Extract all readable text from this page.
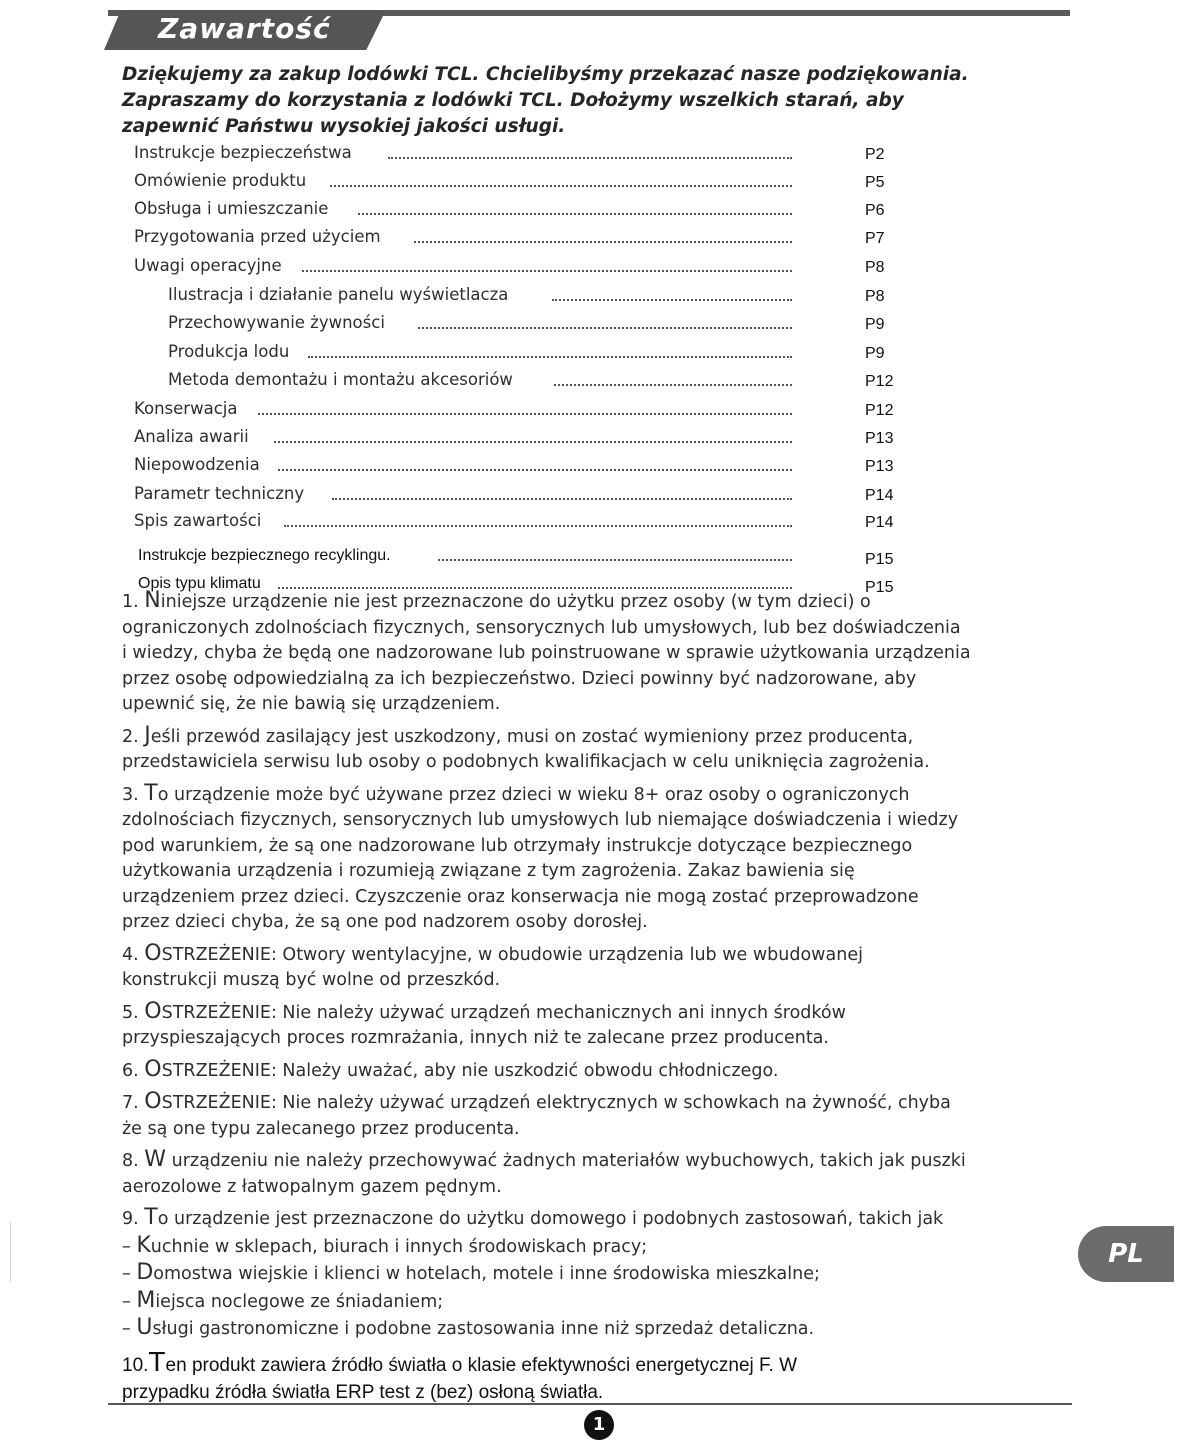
Zawartość
Dziękujemy za zakup lodówki TCL. Chcielibyśmy przekazać nasze podziękowania.
Zapraszamy do korzystania z lodówki TCL. Dołożymy wszelkich starań, aby
zapewnić Państwu wysokiej jakości usługi.
Instrukcje bezpieczeństwa	P2
Omówienie produktu	P5
Obsługa i umieszczanie	P6
Przygotowania przed użyciem	P7
Uwagi operacyjne	P8
Ilustracja i działanie panelu wyświetlacza	P8
Przechowywanie żywności	P9
Produkcja lodu	P9
Metoda demontażu i montażu akcesoriów	P12
Konserwacja	P12
Analiza awarii	P13
Niepowodzenia	P13
Parametr techniczny	P14
Spis zawartości	P14
Instrukcje bezpiecznego recyklingu.	P15
Opis typu klimatu	P15
1. Niniejsze urządzenie nie jest przeznaczone do użytku przez osoby (w tym dzieci) o
ograniczonych zdolnościach fizycznych, sensorycznych lub umysłowych, lub bez doświadczenia
i wiedzy, chyba że będą one nadzorowane lub poinstruowane w sprawie użytkowania urządzenia
przez osobę odpowiedzialną za ich bezpieczeństwo. Dzieci powinny być nadzorowane, aby
upewnić się, że nie bawią się urządzeniem.
2. Jeśli przewód zasilający jest uszkodzony, musi on zostać wymieniony przez producenta,
przedstawiciela serwisu lub osoby o podobnych kwalifikacjach w celu uniknięcia zagrożenia.
3. To urządzenie może być używane przez dzieci w wieku 8+ oraz osoby o ograniczonych
zdolnościach fizycznych, sensorycznych lub umysłowych lub niemające doświadczenia i wiedzy
pod warunkiem, że są one nadzorowane lub otrzymały instrukcje dotyczące bezpiecznego
użytkowania urządzenia i rozumieją związane z tym zagrożenia. Zakaz bawienia się
urządzeniem przez dzieci. Czyszczenie oraz konserwacja nie mogą zostać przeprowadzone
przez dzieci chyba, że są one pod nadzorem osoby dorosłej.
4. OSTRZEŻENIE: Otwory wentylacyjne, w obudowie urządzenia lub we wbudowanej
konstrukcji muszą być wolne od przeszkód.
5. OSTRZEŻENIE: Nie należy używać urządzeń mechanicznych ani innych środków
przyspieszających proces rozmrażania, innych niż te zalecane przez producenta.
6. OSTRZEŻENIE: Należy uważać, aby nie uszkodzić obwodu chłodniczego.
7. OSTRZEŻENIE: Nie należy używać urządzeń elektrycznych w schowkach na żywność, chyba
że są one typu zalecanego przez producenta.
8. W urządzeniu nie należy przechowywać żadnych materiałów wybuchowych, takich jak puszki
aerozolowe z łatwopalnym gazem pędnym.
9. To urządzenie jest przeznaczone do użytku domowego i podobnych zastosowań, takich jak
– Kuchnie w sklepach, biurach i innych środowiskach pracy;
– Domostwa wiejskie i klienci w hotelach, motele i inne środowiska mieszkalne;
– Miejsca noclegowe ze śniadaniem;
– Usługi gastronomiczne i podobne zastosowania inne niż sprzedaż detaliczna.
10.Ten produkt zawiera źródło światła o klasie efektywności energetycznej F. W
przypadku źródła światła ERP test z (bez) osłoną światła.
1
PL
